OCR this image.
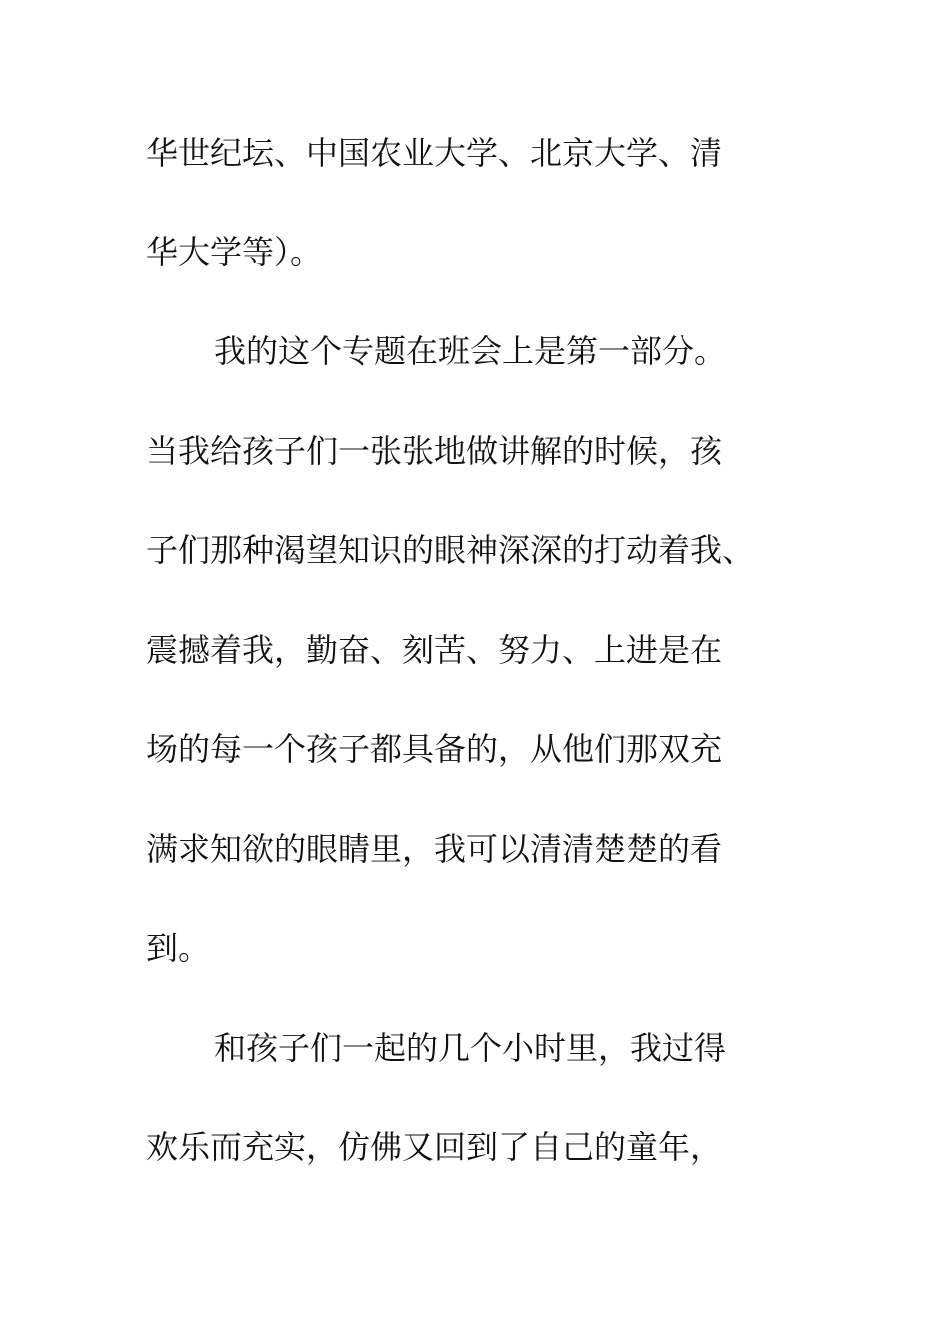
华世纪坛、中国农业大学、北京大学、清
华大学等）。
我的这个专题在班会上是第一部分。
当我给孩子们一张张地做讲解的时候，孩
子们那种渴望知识的眼神深深的打动着我、
震撼着我，勤奋、刻苦、努力、上进是在
场的每一个孩子都具备的，从他们那双充
满求知欲的眼睛里，我可以清清楚楚的看
到。
和孩子们一起的几个小时里，我过得
欢乐而充实，仿佛又回到了自己的童年，
